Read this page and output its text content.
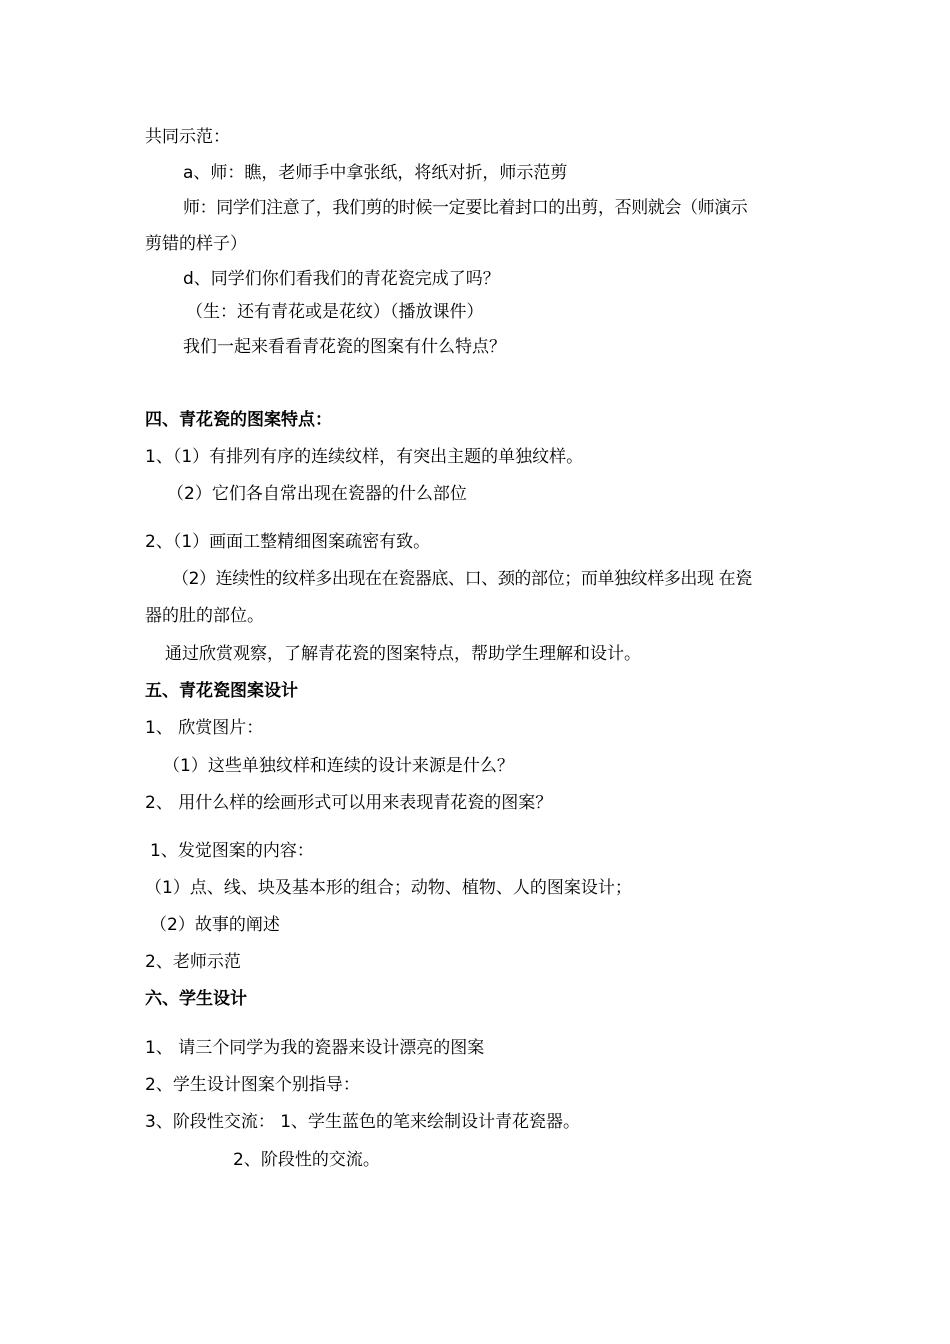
共同示范：
a、师：瞧，老师手中拿张纸，将纸对折，师示范剪
师：同学们注意了，我们剪的时候一定要比着封口的出剪，否则就会（师演示
剪错的样子）
d、同学们你们看我们的青花瓷完成了吗？
（生：还有青花或是花纹）（播放课件）
我们一起来看看青花瓷的图案有什么特点？
四、青花瓷的图案特点：
1、（1）有排列有序的连续纹样，有突出主题的单独纹样。
（2）它们各自常出现在瓷器的什么部位
2、（1）画面工整精细图案疏密有致。
（2）连续性的纹样多出现在在瓷器底、口、颈的部位；而单独纹样多出现 在瓷
器的肚的部位。
通过欣赏观察，了解青花瓷的图案特点，帮助学生理解和设计。
五、青花瓷图案设计
1、 欣赏图片：
（1）这些单独纹样和连续的设计来源是什么？
2、 用什么样的绘画形式可以用来表现青花瓷的图案？
1、发觉图案的内容：
（1）点、线、块及基本形的组合；动物、植物、人的图案设计；
（2）故事的阐述
2、老师示范
六、学生设计
1、 请三个同学为我的瓷器来设计漂亮的图案
2、学生设计图案个别指导：
3、阶段性交流： 1、学生蓝色的笔来绘制设计青花瓷器。
2、阶段性的交流。
